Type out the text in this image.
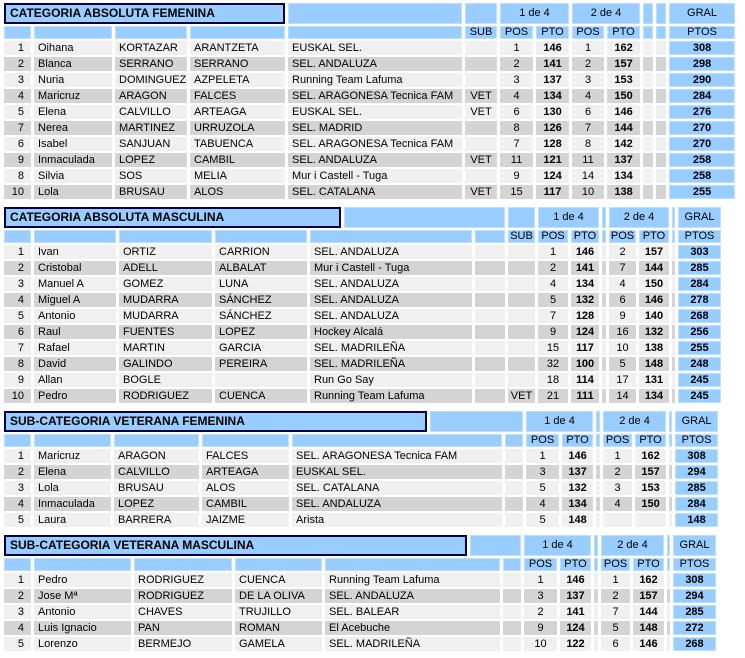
CATEGORIA ABSOLUTA FEMENINA						1 de 4		2 de 4				GRAL
					SUB	POS	PTO	POS	PTO			PTOS
1	Oihana	KORTAZAR	ARANTZETA	EUSKAL SEL.		1	146	1	162			308
2	Blanca	SERRANO	SERRANO	SEL. ANDALUZA		2	141	2	157			298
3	Nuria	DOMINGUEZ	AZPELETA	Running Team Lafuma		3	137	3	153			290
4	Maricruz	ARAGON	FALCES	SEL. ARAGONESA Tecnica FAM	VET	4	134	4	150			284
5	Elena	CALVILLO	ARTEAGA	EUSKAL SEL.	VET	6	130	6	146			276
7	Nerea	MARTINEZ	URRUZOLA	SEL. MADRID		8	126	7	144			270
6	Isabel	SANJUAN	TABUENCA	SEL. ARAGONESA Tecnica FAM		7	128	8	142			270
9	Inmaculada	LOPEZ	CAMBIL	SEL. ANDALUZA	VET	11	121	11	137			258
8	Silvia	SOS	MELIA	Mur i Castell - Tuga		9	124	14	134			258
10	Lola	BRUSAU	ALOS	SEL. CATALANA	VET	15	117	10	138			255
CATEGORIA ABSOLUTA MASCULINA								1 de 4			2 de 4			GRAL
							SUB	POS	PTO		POS	PTO		PTOS
1	Ivan	ORTIZ	CARRION	SEL. ANDALUZA				1	146		2	157		303
2	Cristobal	ADELL	ALBALAT	Mur i Castell - Tuga				2	141		7	144		285
3	Manuel A	GOMEZ	LUNA	SEL. ANDALUZA				4	134		4	150		284
4	Miguel A	MUDARRA	SÁNCHEZ	SEL. ANDALUZA				5	132		6	146		278
5	Antonio	MUDARRA	SÁNCHEZ	SEL. ANDALUZA				7	128		9	140		268
6	Raul	FUENTES	LOPEZ	Hockey Alcalá				9	124		16	132		256
7	Rafael	MARTIN	GARCIA	SEL. MADRILEÑA				15	117		10	138		255
8	David	GALINDO	PEREIRA	SEL. MADRILEÑA				32	100		5	148		248
9	Allan	BOGLE		Run Go Say				18	114		17	131		245
10	Pedro	RODRIGUEZ	CUENCA	Running Team Lafuma			VET	21	111		14	134		245
SUB-CATEGORIA VETERANA FEMENINA							1 de 4			2 de 4			GRAL
							POS	PTO		POS	PTO		PTOS
1	Maricruz	ARAGON	FALCES	SEL. ARAGONESA Tecnica FAM			1	146		1	162		308
2	Elena	CALVILLO	ARTEAGA	EUSKAL SEL.			3	137		2	157		294
3	Lola	BRUSAU	ALOS	SEL. CATALANA			5	132		3	153		285
4	Inmaculada	LOPEZ	CAMBIL	SEL. ANDALUZA			4	134		4	150		284
5	Laura	BARRERA	JAIZME	Arista			5	148					148
SUB-CATEGORIA VETERANA MASCULINA							1 de 4			2 de 4			GRAL
							POS	PTO		POS	PTO		PTOS
1	Pedro	RODRIGUEZ	CUENCA	Running Team Lafuma			1	146		1	162		308
2	Jose Mª	RODRIGUEZ	DE LA OLIVA	SEL. ANDALUZA			3	137		2	157		294
3	Antonio	CHAVES	TRUJILLO	SEL. BALEAR			2	141		7	144		285
4	Luis Ignacio	PAN	ROMAN	El Acebuche			9	124		5	148		272
5	Lorenzo	BERMEJO	GAMELA	SEL. MADRILEÑA			10	122		6	146		268
